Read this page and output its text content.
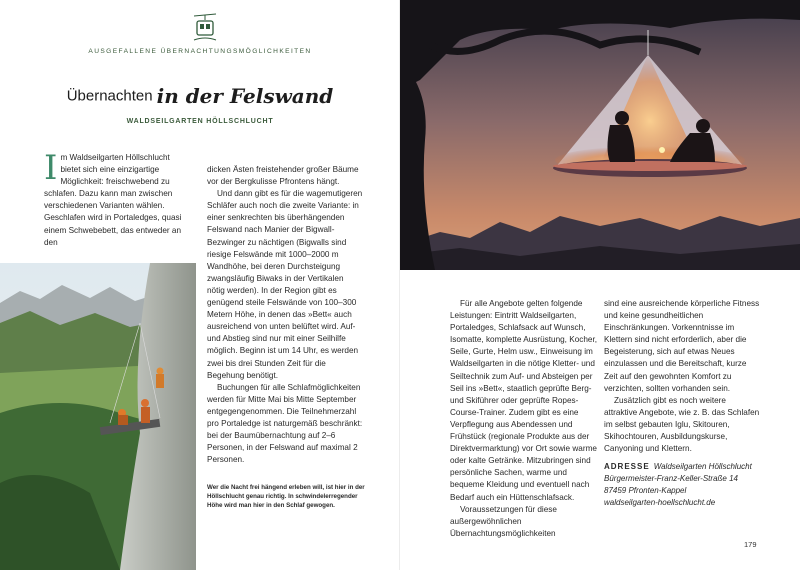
AUSGEFALLENE ÜBERNACHTUNGSMÖGLICHKEITEN
Übernachten in der Felswand
WALDSEILGARTEN HÖLLSCHLUCHT

Im Waldseilgarten Höllschlucht bietet sich eine einzigartige Möglichkeit: freischwebend zu schlafen. Dazu kann man zwischen verschiedenen Varianten wählen. Geschlafen wird in Portaledges, quasi einem Schwebebett, das entweder an den

dicken Ästen freistehender großer Bäume vor der Bergkulisse Pfrontens hängt.

Und dann gibt es für die wagemutigeren Schläfer auch noch die zweite Variante: in einer senkrechten bis überhängenden Felswand nach Manier der Bigwall-Bezwinger zu nächtigen (Bigwalls sind riesige Felswände mit 1000–2000 m Wandhöhe, bei deren Durchsteigung zwangsläufig Biwaks in der Vertikalen nötig werden). In der Region gibt es genügend steile Felswände von 100–300 Metern Höhe, in denen das »Bett« auch ausreichend von unten belüftet wird. Auf- und Abstieg sind nur mit einer Seilhilfe möglich. Beginn ist um 14 Uhr, es werden zwei bis drei Stunden Zeit für die Begehung benötigt.

Buchungen für alle Schlafmöglichkeiten werden für Mitte Mai bis Mitte September entgegengenommen. Die Teilnehmerzahl pro Portaledge ist naturgemäß beschränkt: bei der Baumübernachtung auf 2–6 Personen, in der Felswand auf maximal 2 Personen.

Wer die Nacht frei hängend erleben will, ist hier in der Höllschlucht genau richtig. In schwindelerregender Höhe wird man hier in den Schlaf gewogen.

Für alle Angebote gelten folgende Leistungen: Eintritt Waldseilgarten, Portaledges, Schlafsack auf Wunsch, Isomatte, komplette Ausrüstung, Kocher, Seile, Gurte, Helm usw., Einweisung im Waldseilgarten in die nötige Kletter- und Seiltechnik zum Auf- und Absteigen per Seil ins »Bett«, staatlich geprüfte Berg- und Skiführer oder geprüfte Ropes-Course-Trainer. Zudem gibt es eine Verpflegung aus Abendessen und Frühstück (regionale Produkte aus der Direktvermarktung) vor Ort sowie warme oder kalte Getränke. Mitzubringen sind persönliche Sachen, warme und bequeme Kleidung und eventuell nach Bedarf auch ein Hüttenschlafsack.

Voraussetzungen für diese außergewöhnlichen Übernachtungsmöglichkeiten

sind eine ausreichende körperliche Fitness und keine gesundheitlichen Einschränkungen. Vorkenntnisse im Klettern sind nicht erforderlich, aber die Begeisterung, sich auf etwas Neues einzulassen und die Bereitschaft, kurze Zeit auf den gewohnten Komfort zu verzichten, sollten vorhanden sein.

Zusätzlich gibt es noch weitere attraktive Angebote, wie z. B. das Schlafen im selbst gebauten Iglu, Skitouren, Skihochtouren, Ausbildungskurse, Canyoning und Klettern.

ADRESSE Waldseilgarten Höllschlucht
Bürgermeister-Franz-Keller-Straße 14
87459 Pfronten-Kappel
waldseilgarten-hoellschlucht.de
179
